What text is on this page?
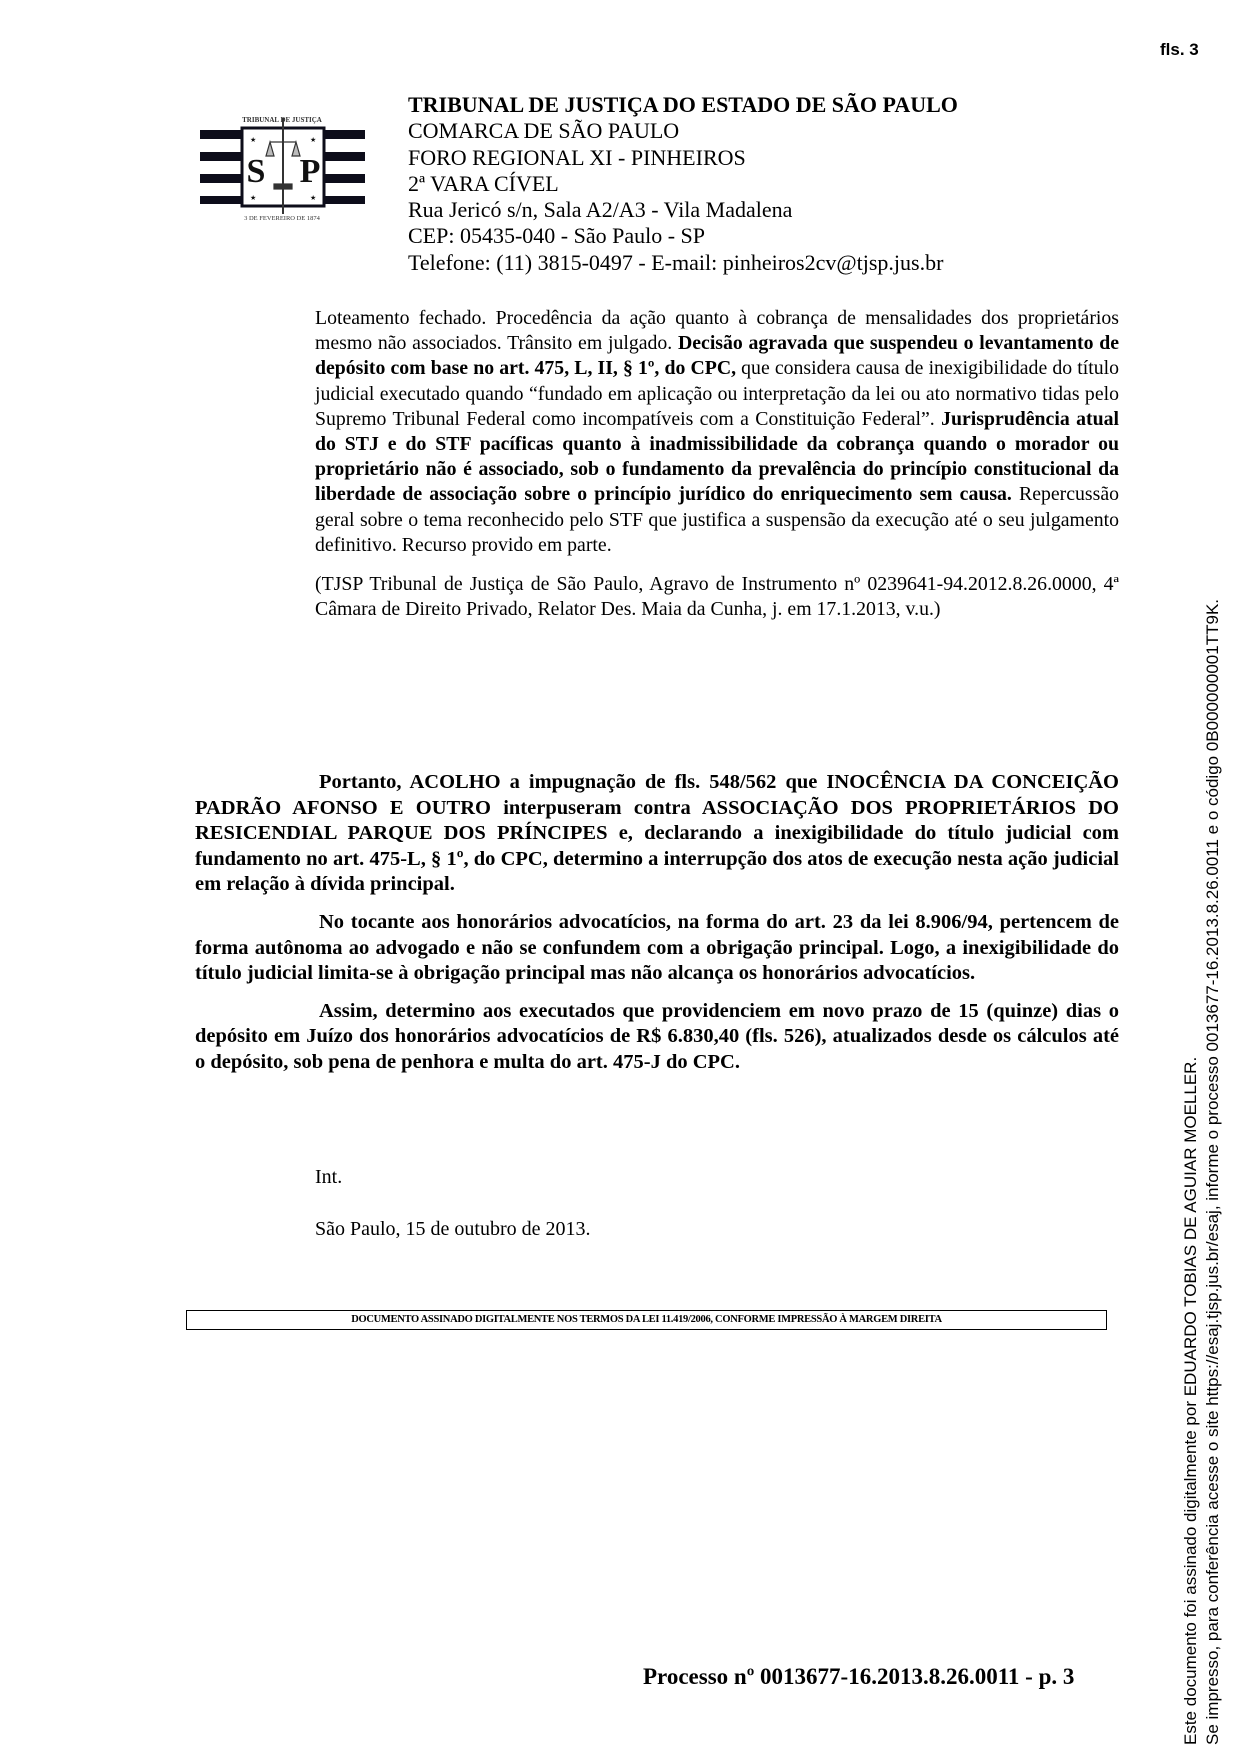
fls. 3
TRIBUNAL DE JUSTIÇA
S P
★	★
★	★
3 DE FEVEREIRO DE 1874
TRIBUNAL DE JUSTIÇA DO ESTADO DE SÃO PAULO
COMARCA DE SÃO PAULO
FORO REGIONAL XI - PINHEIROS
2ª VARA CÍVEL
Rua Jericó s/n, Sala A2/A3 - Vila Madalena
CEP: 05435-040 - São Paulo - SP
Telefone: (11) 3815-0497 - E-mail: pinheiros2cv@tjsp.jus.br

Loteamento fechado. Procedência da ação quanto à cobrança de mensalidades dos proprietários mesmo não associados. Trânsito em julgado. Decisão agravada que suspendeu o levantamento de depósito com base no art. 475, L, II, § 1º, do CPC, que considera causa de inexigibilidade do título judicial executado quando “fundado em aplicação ou interpretação da lei ou ato normativo tidas pelo Supremo Tribunal Federal como incompatíveis com a Constituição Federal”. Jurisprudência atual do STJ e do STF pacíficas quanto à inadmissibilidade da cobrança quando o morador ou proprietário não é associado, sob o fundamento da prevalência do princípio constitucional da liberdade de associação sobre o princípio jurídico do enriquecimento sem causa. Repercussão geral sobre o tema reconhecido pelo STF que justifica a suspensão da execução até o seu julgamento definitivo. Recurso provido em parte.

(TJSP Tribunal de Justiça de São Paulo, Agravo de Instrumento nº 0239641-94.2012.8.26.0000, 4ª Câmara de Direito Privado, Relator Des. Maia da Cunha, j. em 17.1.2013, v.u.)

Portanto, ACOLHO a impugnação de fls. 548/562 que INOCÊNCIA DA CONCEIÇÃO PADRÃO AFONSO E OUTRO interpuseram contra ASSOCIAÇÃO DOS PROPRIETÁRIOS DO RESICENDIAL PARQUE DOS PRÍNCIPES e, declarando a inexigibilidade do título judicial com fundamento no art. 475-L, § 1º, do CPC, determino a interrupção dos atos de execução nesta ação judicial em relação à dívida principal.

No tocante aos honorários advocatícios, na forma do art. 23 da lei 8.906/94, pertencem de forma autônoma ao advogado e não se confundem com a obrigação principal. Logo, a inexigibilidade do título judicial limita-se à obrigação principal mas não alcança os honorários advocatícios.

Assim, determino aos executados que providenciem em novo prazo de 15 (quinze) dias o depósito em Juízo dos honorários advocatícios de R$ 6.830,40 (fls. 526), atualizados desde os cálculos até o depósito, sob pena de penhora e multa do art. 475-J do CPC.

Int.
São Paulo, 15 de outubro de 2013.
DOCUMENTO ASSINADO DIGITALMENTE NOS TERMOS DA LEI 11.419/2006, CONFORME IMPRESSÃO À MARGEM DIREITA
Processo nº 0013677-16.2013.8.26.0011 - p. 3	Este documento foi assinado digitalmente por EDUARDO TOBIAS DE AGUIAR MOELLER. Se impresso, para conferência acesse o site https://esaj.tjsp.jus.br/esaj, informe o processo 0013677-16.2013.8.26.0011 e o código 0B000000001TT9K.
